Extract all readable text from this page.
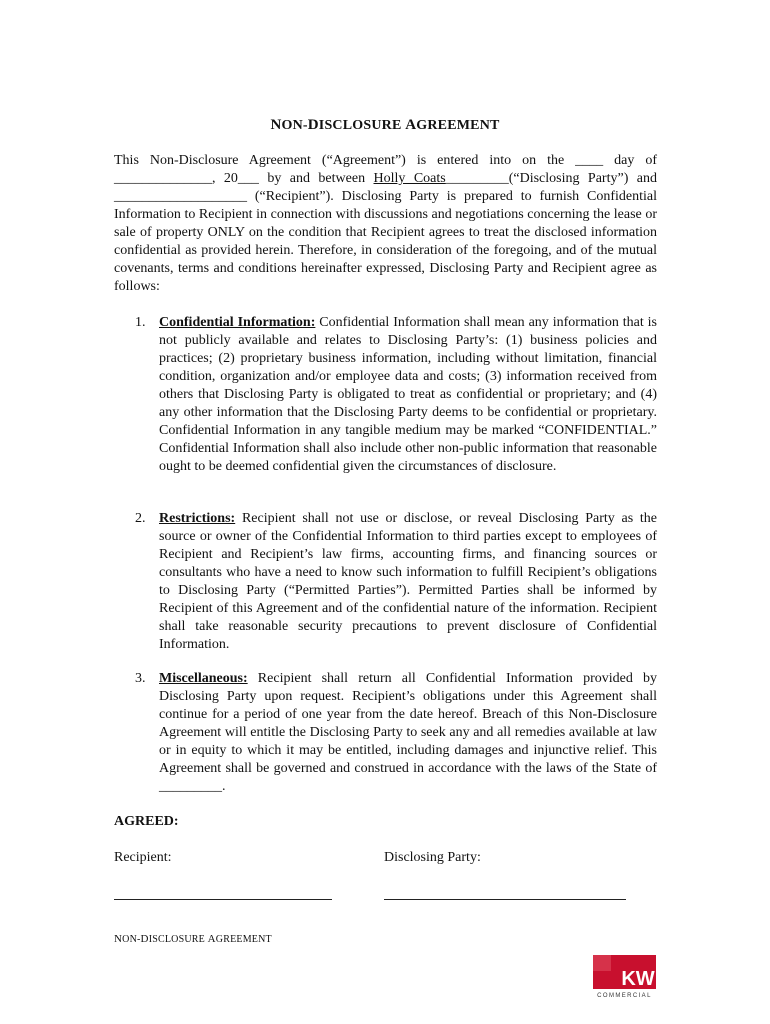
NON-DISCLOSURE AGREEMENT

This Non-Disclosure Agreement (“Agreement”) is entered into on the ____ day of ______________, 20___ by and between Holly Coats_________(“Disclosing Party”) and ___________________ (“Recipient”). Disclosing Party is prepared to furnish Confidential Information to Recipient in connection with discussions and negotiations concerning the lease or sale of property ONLY on the condition that Recipient agrees to treat the disclosed information confidential as provided herein. Therefore, in consideration of the foregoing, and of the mutual covenants, terms and conditions hereinafter expressed, Disclosing Party and Recipient agree as follows:

1. Confidential Information: Confidential Information shall mean any information that is not publicly available and relates to Disclosing Party’s: (1) business policies and practices; (2) proprietary business information, including without limitation, financial condition, organization and/or employee data and costs; (3) information received from others that Disclosing Party is obligated to treat as confidential or proprietary; and (4) any other information that the Disclosing Party deems to be confidential or proprietary. Confidential Information in any tangible medium may be marked “CONFIDENTIAL.” Confidential Information shall also include other non-public information that reasonable ought to be deemed confidential given the circumstances of disclosure.

2. Restrictions: Recipient shall not use or disclose, or reveal Disclosing Party as the source or owner of the Confidential Information to third parties except to employees of Recipient and Recipient’s law firms, accounting firms, and financing sources or consultants who have a need to know such information to fulfill Recipient’s obligations to Disclosing Party (“Permitted Parties”). Permitted Parties shall be informed by Recipient of this Agreement and of the confidential nature of the information. Recipient shall take reasonable security precautions to prevent disclosure of Confidential Information.

3. Miscellaneous: Recipient shall return all Confidential Information provided by Disclosing Party upon request. Recipient’s obligations under this Agreement shall continue for a period of one year from the date hereof. Breach of this Non-Disclosure Agreement will entitle the Disclosing Party to seek any and all remedies available at law or in equity to which it may be entitled, including damages and injunctive relief. This Agreement shall be governed and construed in accordance with the laws of the State of _________.

AGREED:
Recipient:	Disclosing Party:
NON-DISCLOSURE AGREEMENT
KW
COMMERCIAL
